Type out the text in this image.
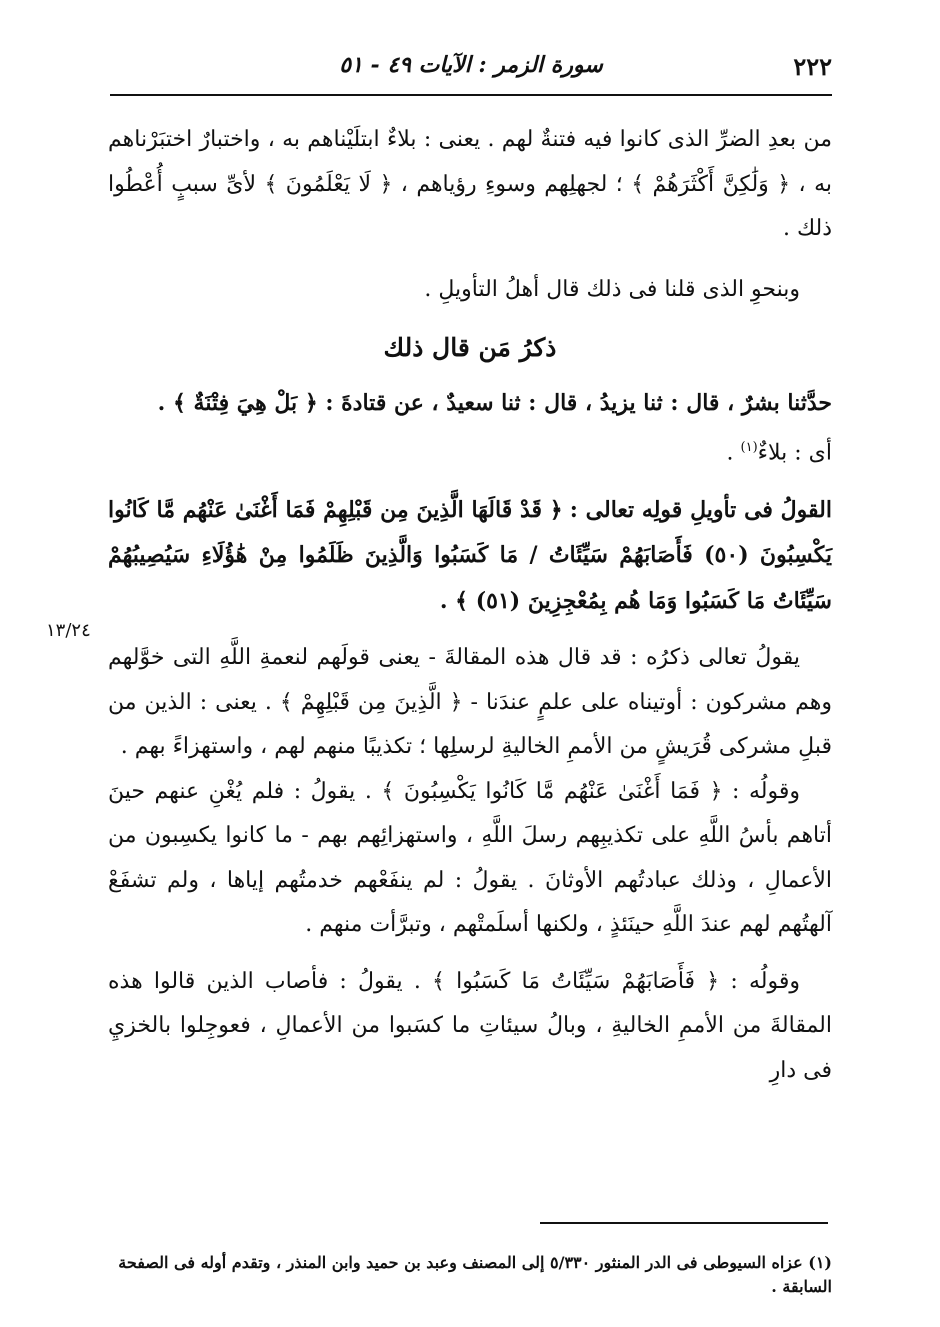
٢٢٢
سورة الزمر : الآيات ٤٩ - ٥١
١٣/٢٤

من بعدِ الضرِّ الذى كانوا فيه فتنةٌ لهم . يعنى : بلاءٌ ابتلَيْناهم به ، واختبارٌ اختبَرْناهم به ، ﴿ وَلَٰكِنَّ أَكْثَرَهُمْ ﴾ ؛ لجهلِهم وسوءِ رؤياهم ، ﴿ لَا يَعْلَمُونَ ﴾ لأىِّ سببٍ أُعْطُوا ذلك .

وبنحوِ الذى قلنا فى ذلك قال أهلُ التأويلِ .

ذكرُ مَن قال ذلك

حدَّثنا بشرٌ ، قال : ثنا يزيدُ ، قال : ثنا سعيدٌ ، عن قتادةَ : ﴿ بَلْ هِيَ فِتْنَةٌ ﴾ .
أى : بلاءٌ$^{(١)}$ .

القولُ فى تأويلِ قولِه تعالى : ﴿ قَدْ قَالَهَا الَّذِينَ مِن قَبْلِهِمْ فَمَا أَغْنَىٰ عَنْهُم مَّا كَانُوا يَكْسِبُونَ (٥٠) فَأَصَابَهُمْ سَيِّئَاتُ / مَا كَسَبُوا وَالَّذِينَ ظَلَمُوا مِنْ هَٰؤُلَاءِ سَيُصِيبُهُمْ سَيِّئَاتُ مَا كَسَبُوا وَمَا هُم بِمُعْجِزِينَ (٥١) ﴾ .

يقولُ تعالى ذكرُه : قد قال هذه المقالةَ - يعنى قولَهم لنعمةِ اللَّهِ التى خوَّلهم وهم مشركون : أوتيناه على علمٍ عندَنا - ﴿ الَّذِينَ مِن قَبْلِهِمْ ﴾ . يعنى : الذين من قبلِ مشركى قُرَيشٍ من الأممِ الخاليةِ لرسلِها ؛ تكذيبًا منهم لهم ، واستهزاءً بهم .

وقولُه : ﴿ فَمَا أَغْنَىٰ عَنْهُم مَّا كَانُوا يَكْسِبُونَ ﴾ . يقولُ : فلم يُغْنِ عنهم حينَ أتاهم بأسُ اللَّهِ على تكذيبِهم رسلَ اللَّهِ ، واستهزائِهم بهم - ما كانوا يكسِبون من الأعمالِ ، وذلك عبادتُهم الأوثانَ . يقولُ : لم ينفَعْهم خدمتُهم إياها ، ولم تشفَعْ آلهتُهم لهم عندَ اللَّهِ حينَئذٍ ، ولكنها أسلَمتْهم ، وتبرَّأت منهم .

وقولُه : ﴿ فَأَصَابَهُمْ سَيِّئَاتُ مَا كَسَبُوا ﴾ . يقولُ : فأصاب الذين قالوا هذه المقالةَ من الأممِ الخاليةِ ، وبالُ سيئاتِ ما كسَبوا من الأعمالِ ، فعوجِلوا بالخزيِ فى دارِ

(١) عزاه السيوطى فى الدر المنثور ٥/٣٣٠ إلى المصنف وعبد بن حميد وابن المنذر ، وتقدم أوله فى الصفحة السابقة .
